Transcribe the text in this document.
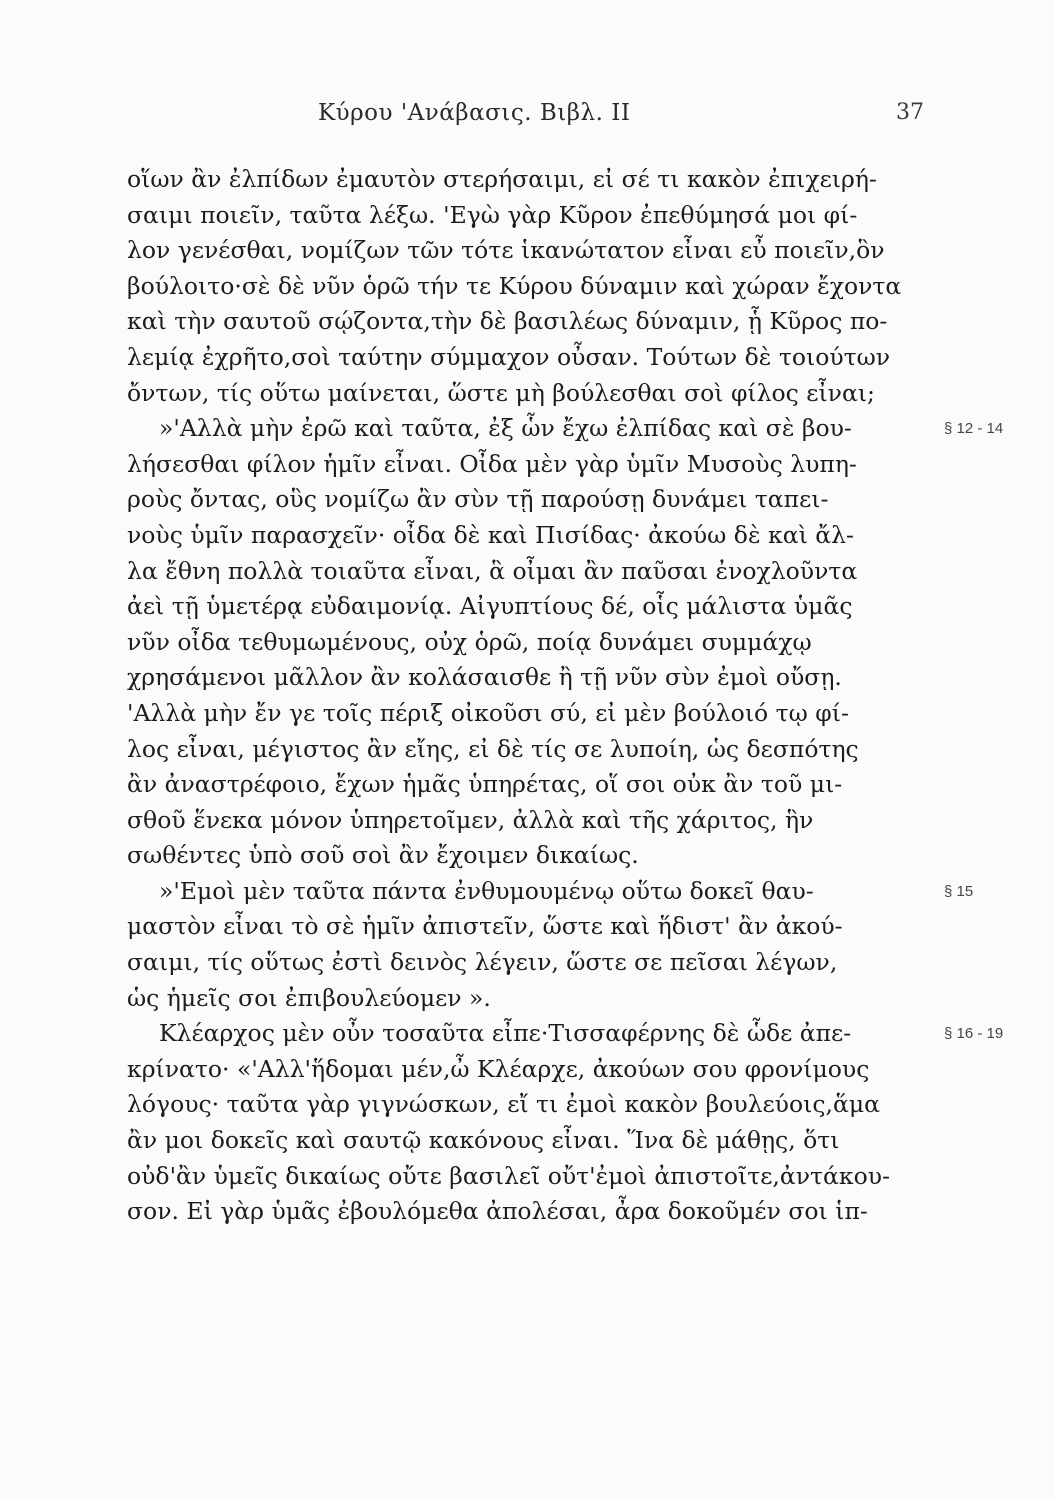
Κύρου 'Ανάβασις. Βιβλ. ΙΙ	37
οἵων ἂν ἐλπίδων ἐμαυτὸν στερήσαιμι, εἰ σέ τι κακὸν ἐπιχειρή-
σαιμι ποιεῖν, ταῦτα λέξω. 'Εγὼ γὰρ Κῦρον ἐπεθύμησά μοι φί-
λον γενέσθαι, νομίζων τῶν τότε ἱκανώτατον εἶναι εὖ ποιεῖν,ὃν
βούλοιτο·σὲ δὲ νῦν ὁρῶ τήν τε Κύρου δύναμιν καὶ χώραν ἔχοντα
καὶ τὴν σαυτοῦ σῴζοντα,τὴν δὲ βασιλέως δύναμιν, ᾗ Κῦρος πο-
λεμίᾳ ἐχρῆτο,σοὶ ταύτην σύμμαχον οὖσαν. Τούτων δὲ τοιούτων
ὄντων, τίς οὕτω μαίνεται, ὥστε μὴ βούλεσθαι σοὶ φίλος εἶναι;
»'Αλλὰ μὴν ἐρῶ καὶ ταῦτα, ἐξ ὧν ἔχω ἐλπίδας καὶ σὲ βου-	§ 12 - 14
λήσεσθαι φίλον ἡμῖν εἶναι. Οἶδα μὲν γὰρ ὑμῖν Μυσοὺς λυπη-
ροὺς ὄντας, οὓς νομίζω ἂν σὺν τῇ παρούσῃ δυνάμει ταπει-
νοὺς ὑμῖν παρασχεῖν· οἶδα δὲ καὶ Πισίδας· ἀκούω δὲ καὶ ἄλ-
λα ἔθνη πολλὰ τοιαῦτα εἶναι, ἃ οἶμαι ἂν παῦσαι ἐνοχλοῦντα
ἀεὶ τῇ ὑμετέρᾳ εὐδαιμονίᾳ. Αἰγυπτίους δέ, οἷς μάλιστα ὑμᾶς
νῦν οἶδα τεθυμωμένους, οὐχ ὁρῶ, ποίᾳ δυνάμει συμμάχῳ
χρησάμενοι μᾶλλον ἂν κολάσαισθε ἢ τῇ νῦν σὺν ἐμοὶ οὔσῃ.
'Αλλὰ μὴν ἔν γε τοῖς πέριξ οἰκοῦσι σύ, εἰ μὲν βούλοιό τῳ φί-
λος εἶναι, μέγιστος ἂν εἴης, εἰ δὲ τίς σε λυποίη, ὡς δεσπότης
ἂν ἀναστρέφοιο, ἔχων ἡμᾶς ὑπηρέτας, οἵ σοι οὐκ ἂν τοῦ μι-
σθοῦ ἕνεκα μόνον ὑπηρετοῖμεν, ἀλλὰ καὶ τῆς χάριτος, ἣν
σωθέντες ὑπὸ σοῦ σοὶ ἂν ἔχοιμεν δικαίως.
»'Εμοὶ μὲν ταῦτα πάντα ἐνθυμουμένῳ οὕτω δοκεῖ θαυ-	§ 15
μαστὸν εἶναι τὸ σὲ ἡμῖν ἀπιστεῖν, ὥστε καὶ ἥδιστ' ἂν ἀκού-
σαιμι, τίς οὕτως ἐστὶ δεινὸς λέγειν, ὥστε σε πεῖσαι λέγων,
ὡς ἡμεῖς σοι ἐπιβουλεύομεν ».
Κλέαρχος μὲν οὖν τοσαῦτα εἶπε·Τισσαφέρνης δὲ ὧδε ἀπε-	§ 16 - 19
κρίνατο· «'Αλλ'ἥδομαι μέν,ὦ Κλέαρχε, ἀκούων σου φρονίμους
λόγους· ταῦτα γὰρ γιγνώσκων, εἴ τι ἐμοὶ κακὸν βουλεύοις,ἅμα
ἂν μοι δοκεῖς καὶ σαυτῷ κακόνους εἶναι. Ἵνα δὲ μάθῃς, ὅτι
οὐδ'ἂν ὑμεῖς δικαίως οὔτε βασιλεῖ οὔτ'ἐμοὶ ἀπιστοῖτε,ἀντάκου-
σον. Εἰ γὰρ ὑμᾶς ἐβουλόμεθα ἀπολέσαι, ἆρα δοκοῦμέν σοι ἱπ-
